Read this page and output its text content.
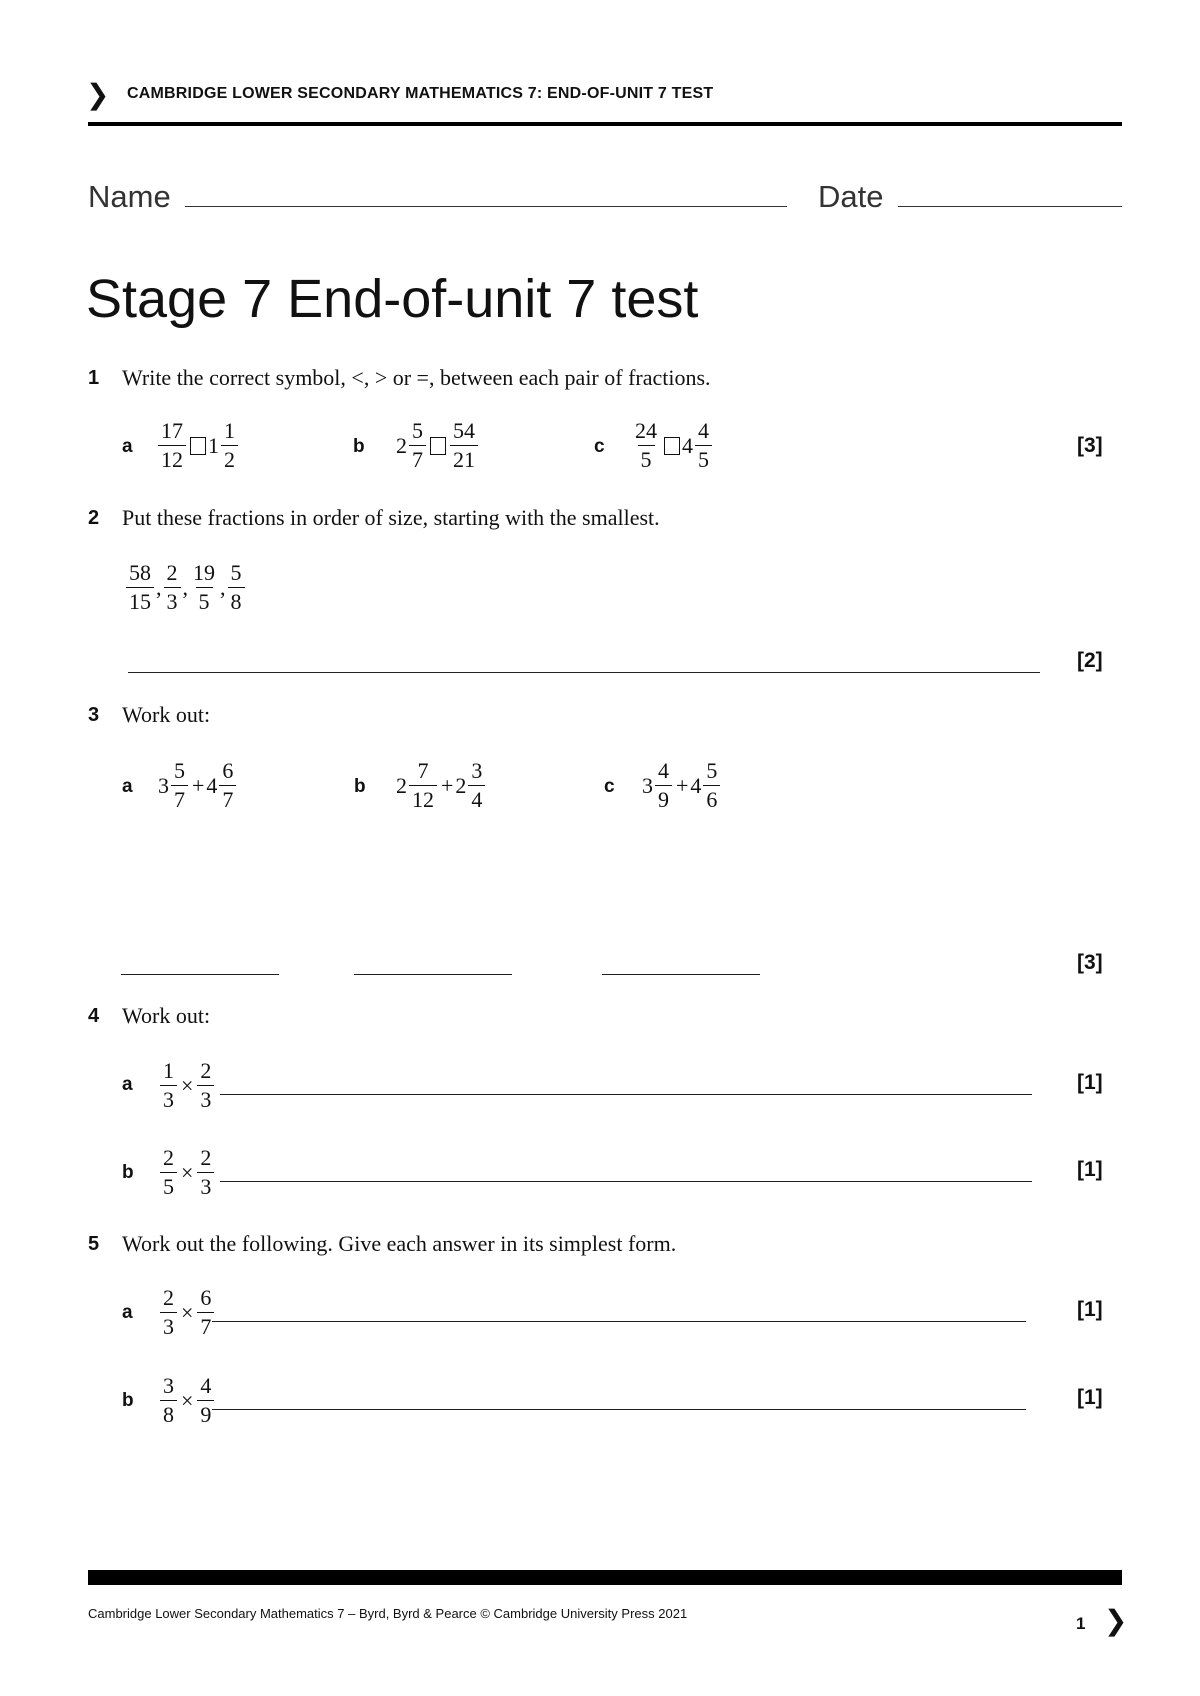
❯ CAMBRIDGE LOWER SECONDARY MATHEMATICS 7: END-OF-UNIT 7 TEST
Name	Date
Stage 7 End-of-unit 7 test
1 Write the correct symbol, <, > or =, between each pair of fractions.
a $\frac{17}{12} 1 \frac{1}{2}$	b $2 \frac{5}{7} \frac{54}{21}$	c $\frac{24}{5} 4 \frac{4}{5}$	[3]
2 Put these fractions in order of size, starting with the smallest.
$\frac{58}{15}$ , $\frac{2}{3}$ , $\frac{19}{5}$ , $\frac{5}{8}$
[2]
3 Work out:
a $3 \frac{5}{7} + 4 \frac{6}{7}$	b $2 \frac{7}{12} + 2 \frac{3}{4}$	c $3 \frac{4}{9} + 4 \frac{5}{6}$
[3]
4 Work out:
a $\frac{1}{3} \times \frac{2}{3}$	[1]
b $\frac{2}{5} \times \frac{2}{3}$	[1]
5 Work out the following. Give each answer in its simplest form.
a $\frac{2}{3} \times \frac{6}{7}$	[1]
b $\frac{3}{8} \times \frac{4}{9}$	[1]
Cambridge Lower Secondary Mathematics 7 – Byrd, Byrd & Pearce © Cambridge University Press 2021
1 ❯
